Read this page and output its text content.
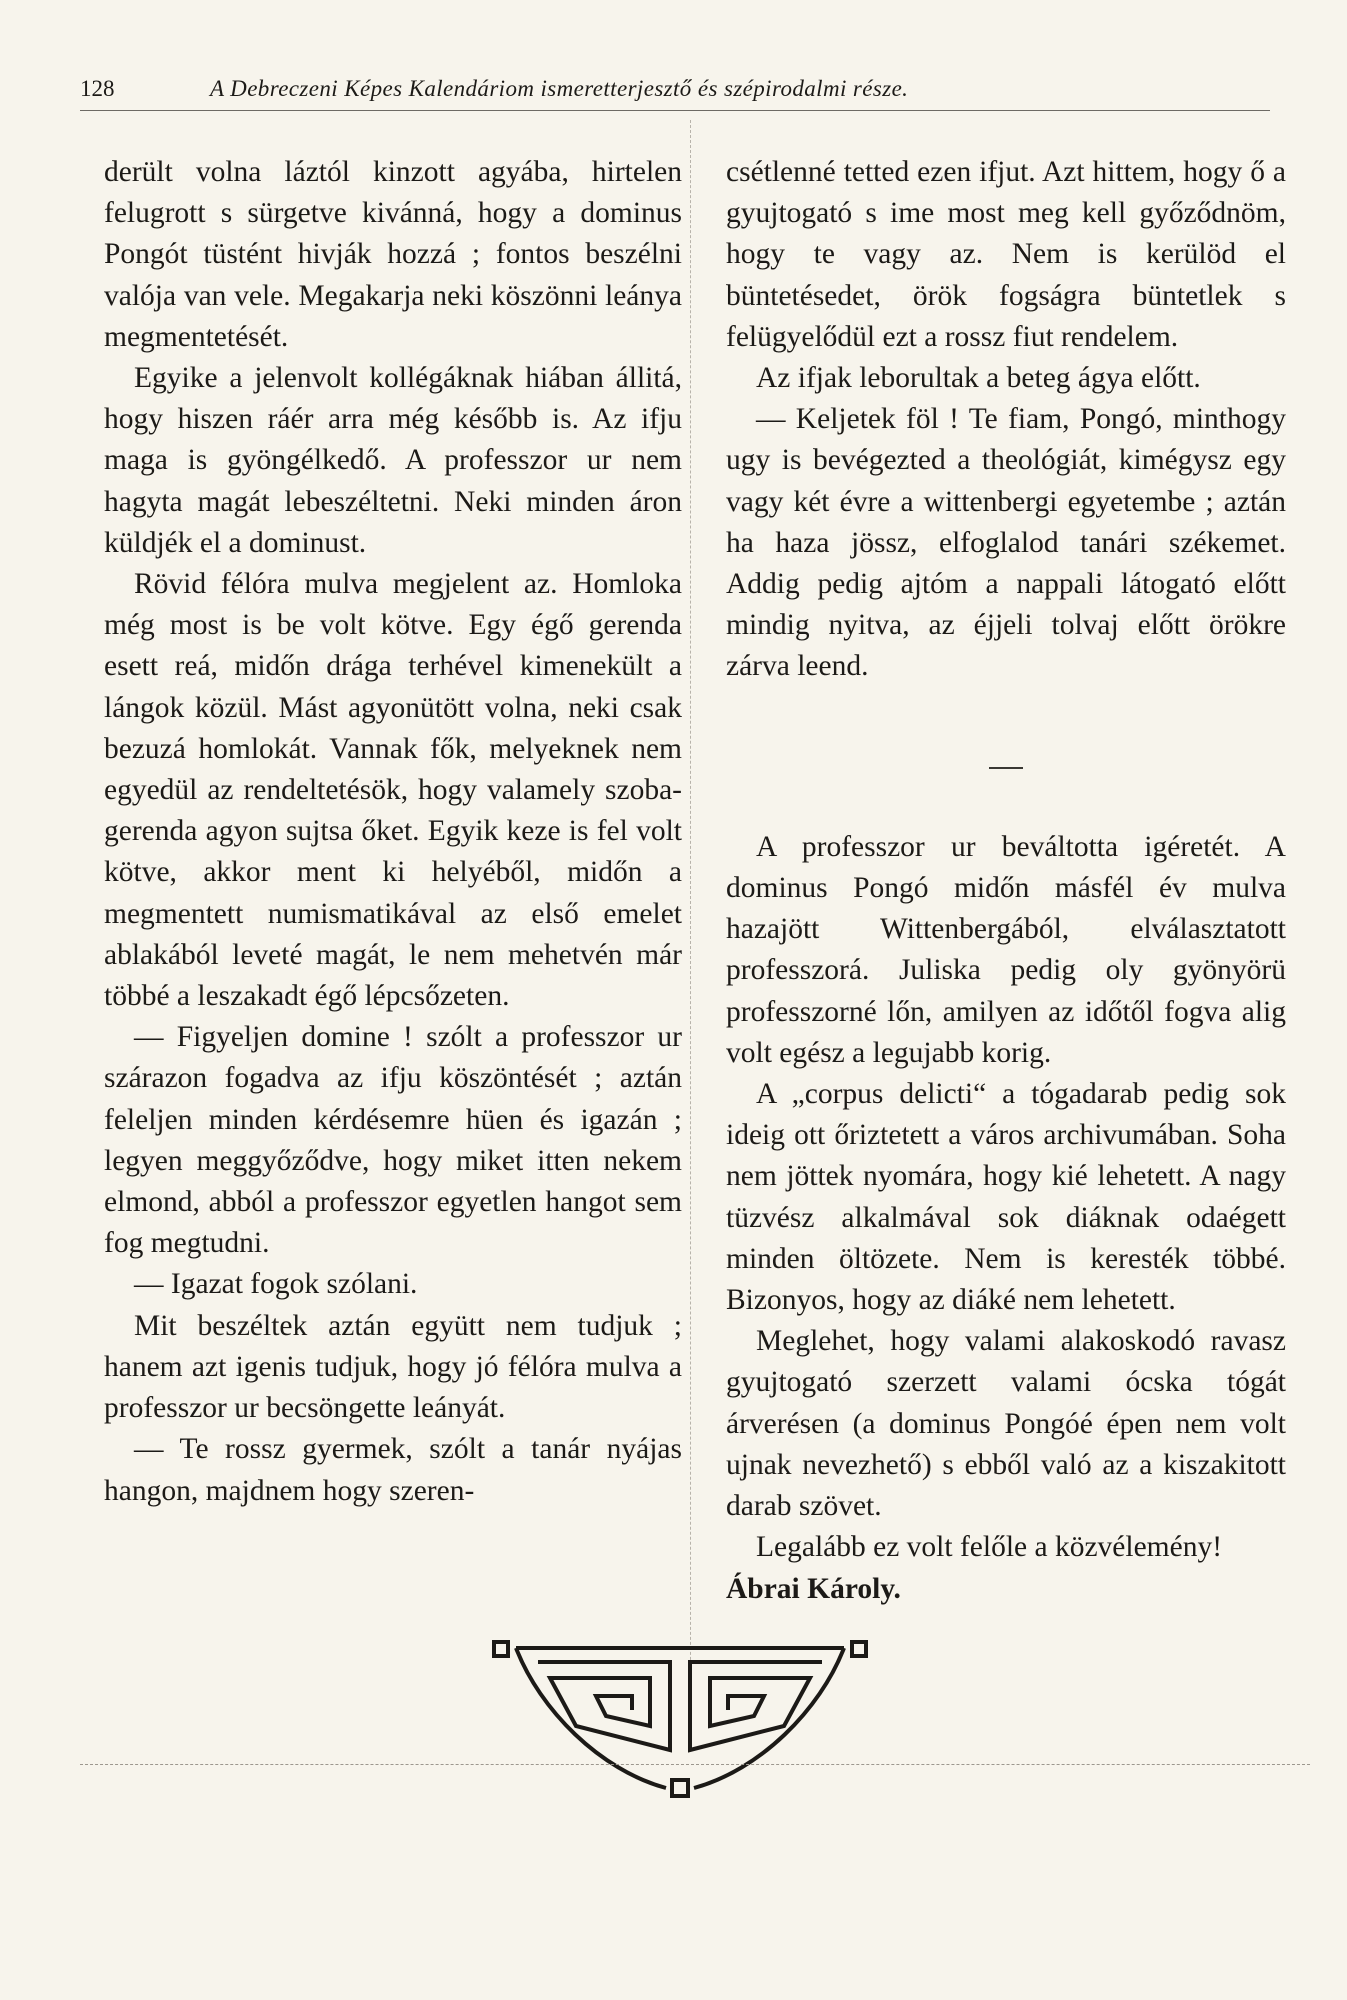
128	A Debreczeni Képes Kalendáriom ismeretterjesztő és szépirodalmi része.

derült volna láztól kinzott agyába, hirtelen felugrott s sürgetve kivánná, hogy a dominus Pongót tüstént hivják hozzá ; fontos beszélni valója van vele. Megakarja neki köszönni leánya megmentetését.

Egyike a jelenvolt kollégáknak hiában állitá, hogy hiszen ráér arra még később is. Az ifju maga is gyöngélkedő. A professzor ur nem hagyta magát lebeszéltetni. Neki minden áron küldjék el a dominust.

Rövid félóra mulva megjelent az. Homloka még most is be volt kötve. Egy égő gerenda esett reá, midőn drága terhével kimenekült a lángok közül. Mást agyonütött volna, neki csak bezuzá homlokát. Vannak fők, melyeknek nem egyedül az rendeltetésök, hogy valamely szoba-gerenda agyon sujtsa őket. Egyik keze is fel volt kötve, akkor ment ki helyéből, midőn a megmentett numismatikával az első emelet ablakából leveté magát, le nem mehetvén már többé a leszakadt égő lépcsőzeten.

— Figyeljen domine ! szólt a professzor ur szárazon fogadva az ifju köszöntését ; aztán feleljen minden kérdésemre hüen és igazán ; legyen meggyőződve, hogy miket itten nekem elmond, abból a professzor egyetlen hangot sem fog megtudni.

— Igazat fogok szólani.

Mit beszéltek aztán együtt nem tudjuk ; hanem azt igenis tudjuk, hogy jó félóra mulva a professzor ur becsöngette leányát.

— Te rossz gyermek, szólt a tanár nyájas hangon, majdnem hogy szeren-

csétlenné tetted ezen ifjut. Azt hittem, hogy ő a gyujtogató s ime most meg kell győződnöm, hogy te vagy az. Nem is kerülöd el büntetésedet, örök fogságra büntetlek s felügyelődül ezt a rossz fiut rendelem.

Az ifjak leborultak a beteg ágya előtt.

— Keljetek föl ! Te fiam, Pongó, minthogy ugy is bevégezted a theológiát, kimégysz egy vagy két évre a wittenbergi egyetembe ; aztán ha haza jössz, elfoglalod tanári székemet. Addig pedig ajtóm a nappali látogató előtt mindig nyitva, az éjjeli tolvaj előtt örökre zárva leend.

A professzor ur beváltotta igéretét. A dominus Pongó midőn másfél év mulva hazajött Wittenbergából, elválasztatott professzorá. Juliska pedig oly gyönyörü professzorné lőn, amilyen az időtől fogva alig volt egész a legujabb korig.

A „corpus delicti“ a tógadarab pedig sok ideig ott őriztetett a város archivumában. Soha nem jöttek nyomára, hogy kié lehetett. A nagy tüzvész alkalmával sok diáknak odaégett minden öltözete. Nem is keresték többé. Bizonyos, hogy az diáké nem lehetett.

Meglehet, hogy valami alakoskodó ravasz gyujtogató szerzett valami ócska tógát árverésen (a dominus Pongóé épen nem volt ujnak nevezhető) s ebből való az a kiszakitott darab szövet.

Legalább ez volt felőle a közvélemény!

Ábrai Károly.
